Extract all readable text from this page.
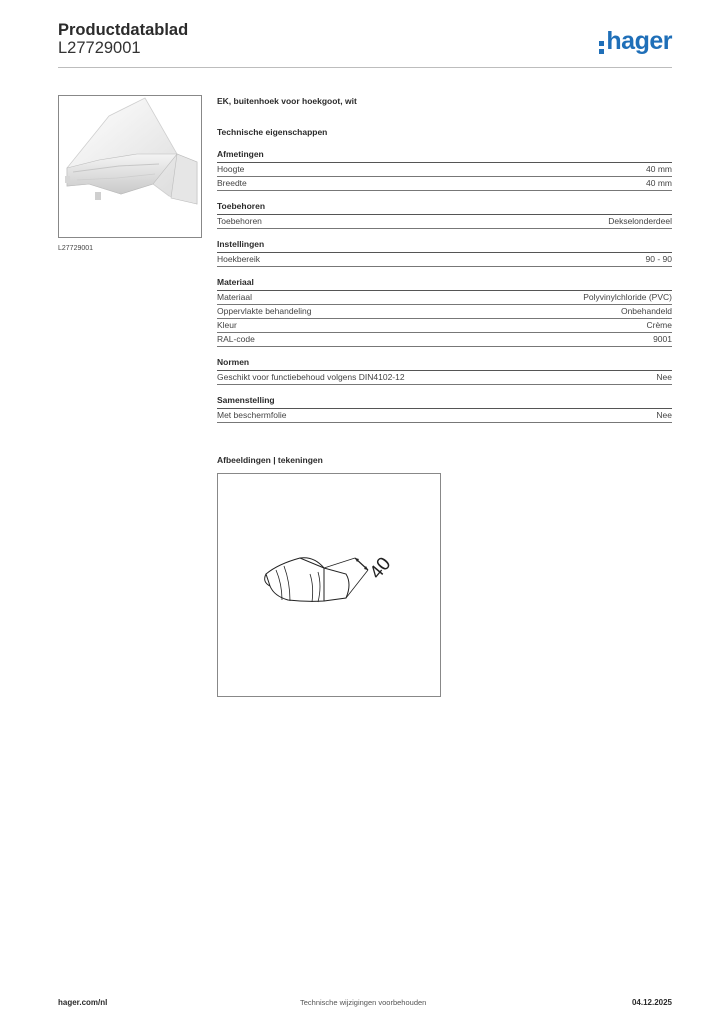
Productdatablad
L27729001	hager
L27729001
EK, buitenhoek voor hoekgoot, wit
Technische eigenschappen
Afmetingen
Hoogte	40 mm
Breedte	40 mm
Toebehoren
Toebehoren	Dekselonderdeel
Instellingen
Hoekbereik	90 - 90
Materiaal
Materiaal	Polyvinylchloride (PVC)
Oppervlakte behandeling	Onbehandeld
Kleur	Crème
RAL-code	9001
Normen
Geschikt voor functiebehoud volgens DIN4102-12	Nee
Samenstelling
Met beschermfolie	Nee
Afbeeldingen | tekeningen
40
hager.com/nl	Technische wijzigingen voorbehouden	04.12.2025
